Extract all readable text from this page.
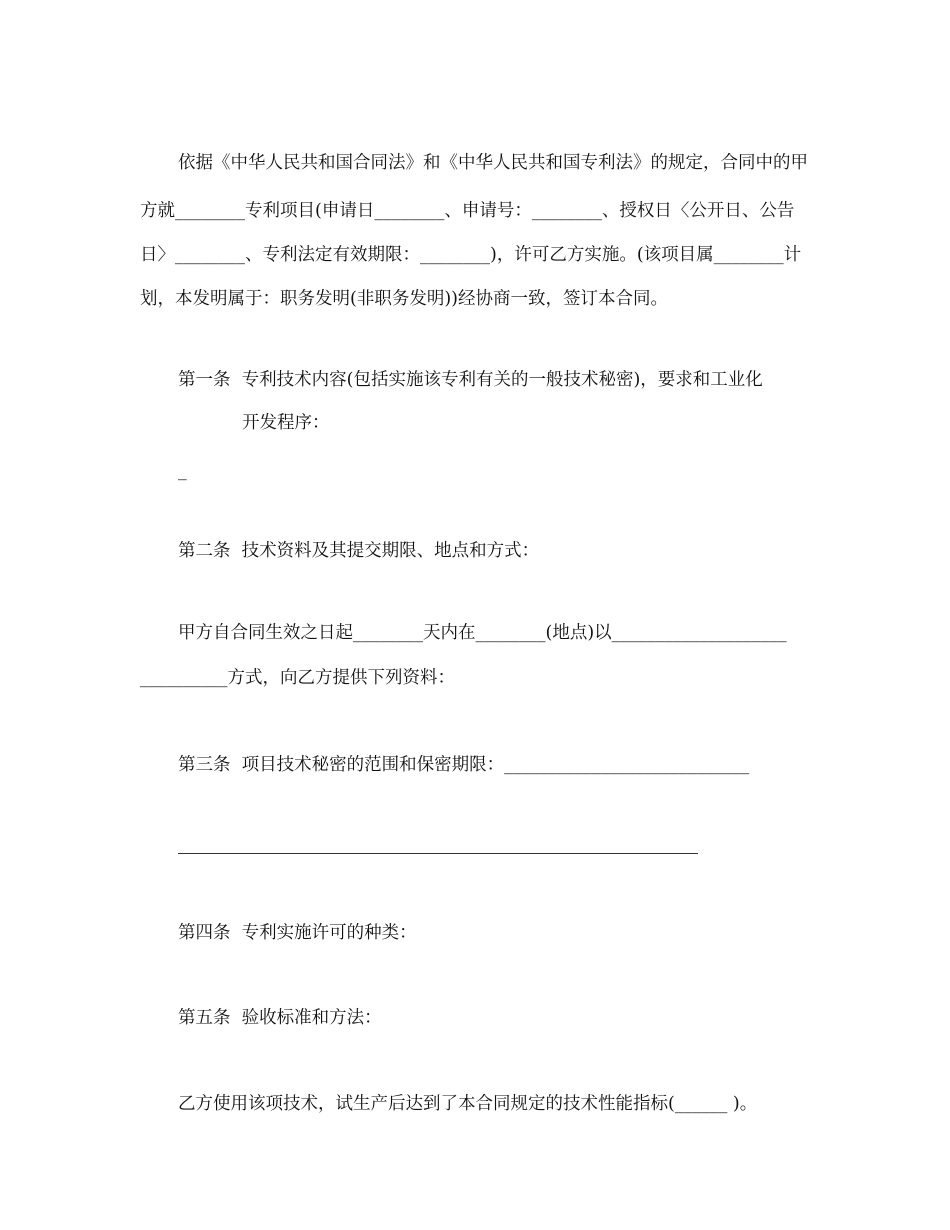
依据《中华人民共和国合同法》和《中华人民共和国专利法》的规定，合同中的甲

方就________专利项目(申请日________、申请号：________、授权日〈公开日、公告

日〉________、专利法定有效期限：________)，许可乙方实施。(该项目属________计

划，本发明属于：职务发明(非职务发明))经协商一致，签订本合同。

第一条  专利技术内容(包括实施该专利有关的一般技术秘密)，要求和工业化

开发程序：

_

第二条  技术资料及其提交期限、地点和方式：

甲方自合同生效之日起________天内在________(地点)以____________________

__________方式，向乙方提供下列资料：

第三条  项目技术秘密的范围和保密期限：____________________________

第四条  专利实施许可的种类：

第五条  验收标准和方法：

乙方使用该项技术，试生产后达到了本合同规定的技术性能指标(______ )。
